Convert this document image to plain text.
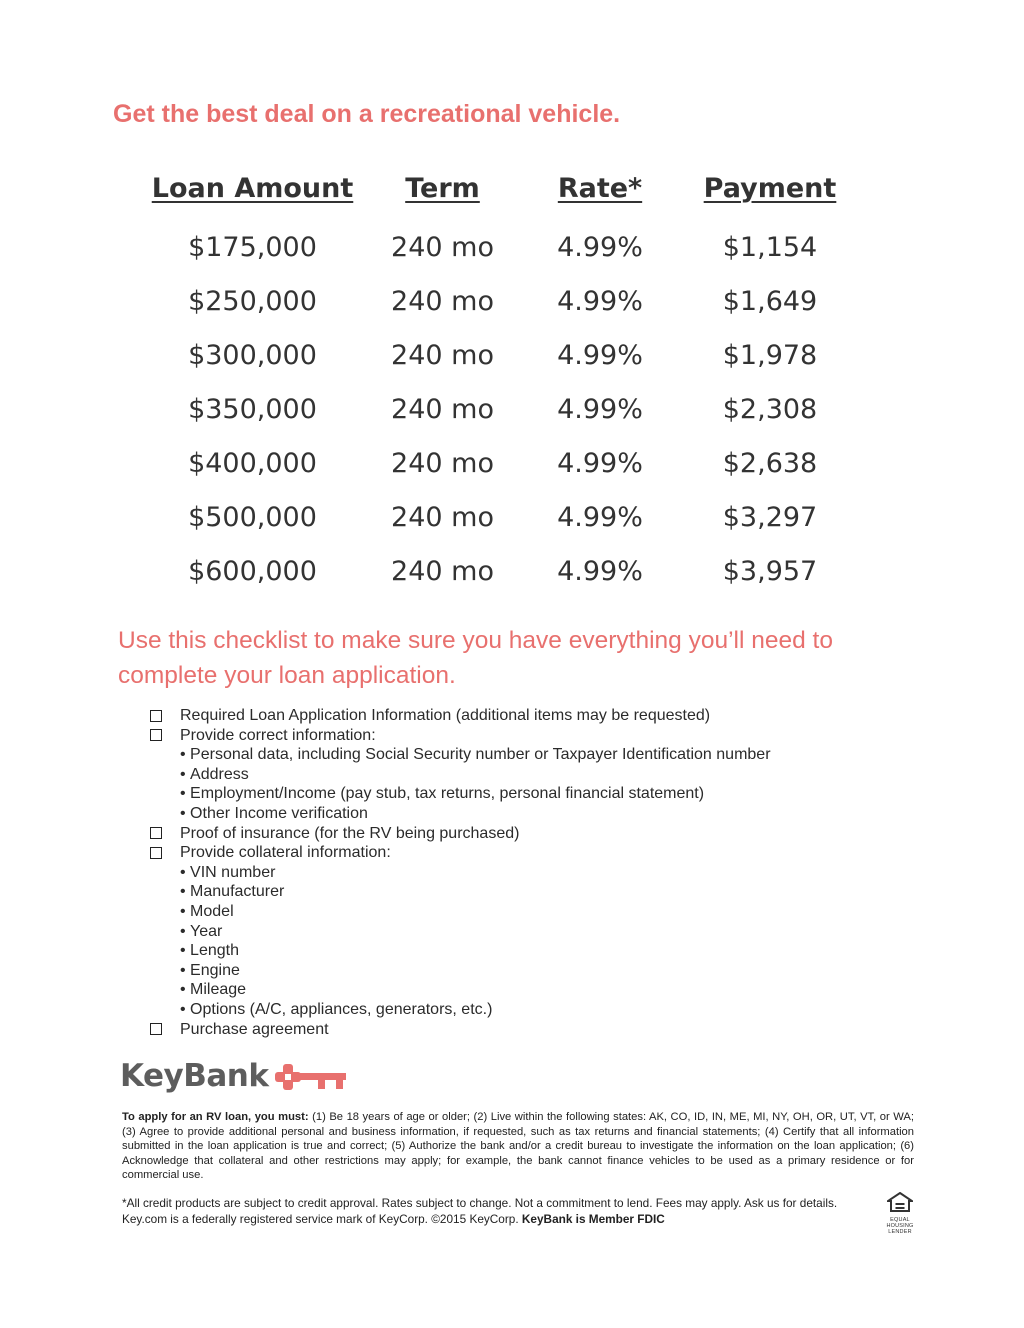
Get the best deal on a recreational vehicle.
Loan Amount	Term	Rate*	Payment
$175,000	240 mo	4.99%	$1,154
$250,000	240 mo	4.99%	$1,649
$300,000	240 mo	4.99%	$1,978
$350,000	240 mo	4.99%	$2,308
$400,000	240 mo	4.99%	$2,638
$500,000	240 mo	4.99%	$3,297
$600,000	240 mo	4.99%	$3,957

Use this checklist to make sure you have everything you’ll need to complete your loan application.

Required Loan Application Information (additional items may be requested)
Provide correct information:
• Personal data, including Social Security number or Taxpayer Identification number
• Address
• Employment/Income (pay stub, tax returns, personal financial statement)
• Other Income verification
Proof of insurance (for the RV being purchased)
Provide collateral information:
• VIN number
• Manufacturer
• Model
• Year
• Length
• Engine
• Mileage
• Options (A/C, appliances, generators, etc.)
Purchase agreement
KeyBank

To apply for an RV loan, you must: (1) Be 18 years of age or older; (2) Live within the following states: AK, CO, ID, IN, ME, MI, NY, OH, OR, UT, VT, or WA; (3) Agree to provide additional personal and business information, if requested, such as tax returns and financial statements; (4) Certify that all information submitted in the loan application is true and correct; (5) Authorize the bank and/or a credit bureau to investigate the information on the loan application; (6) Acknowledge that collateral and other restrictions may apply; for example, the bank cannot finance vehicles to be used as a primary residence or for commercial use.

*All credit products are subject to credit approval. Rates subject to change. Not a commitment to lend. Fees may apply. Ask us for details.
Key.com is a federally registered service mark of KeyCorp. ©2015 KeyCorp. KeyBank is Member FDIC	EQUAL HOUSING LENDER
